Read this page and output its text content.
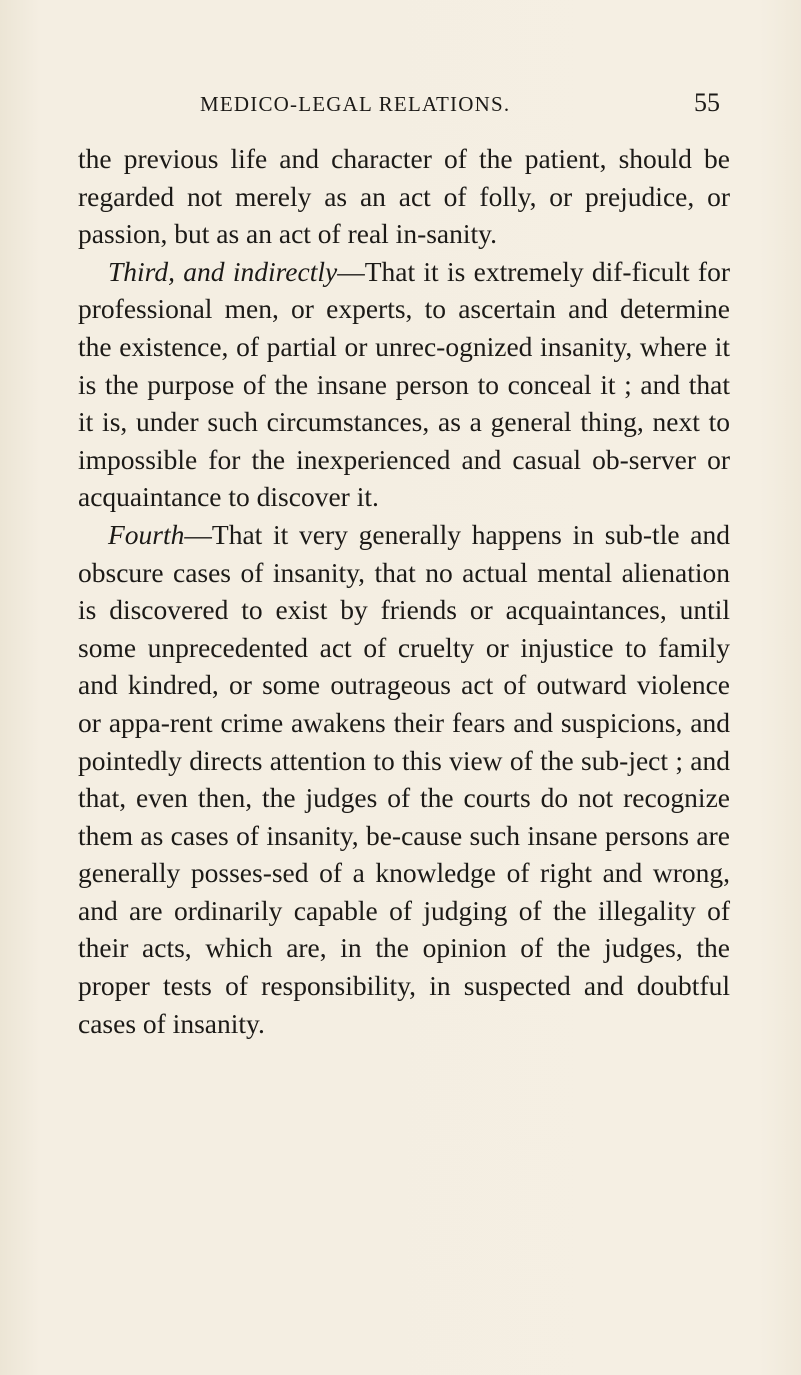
MEDICO-LEGAL RELATIONS.	55

the previous life and character of the patient, should be regarded not merely as an act of folly, or prejudice, or passion, but as an act of real in-sanity.

Third, and indirectly—That it is extremely dif-ficult for professional men, or experts, to ascertain and determine the existence, of partial or unrec-ognized insanity, where it is the purpose of the insane person to conceal it ; and that it is, under such circumstances, as a general thing, next to impossible for the inexperienced and casual ob-server or acquaintance to discover it.

Fourth—That it very generally happens in sub-tle and obscure cases of insanity, that no actual mental alienation is discovered to exist by friends or acquaintances, until some unprecedented act of cruelty or injustice to family and kindred, or some outrageous act of outward violence or appa-rent crime awakens their fears and suspicions, and pointedly directs attention to this view of the sub-ject ; and that, even then, the judges of the courts do not recognize them as cases of insanity, be-cause such insane persons are generally posses-sed of a knowledge of right and wrong, and are ordinarily capable of judging of the illegality of their acts, which are, in the opinion of the judges, the proper tests of responsibility, in suspected and doubtful cases of insanity.
